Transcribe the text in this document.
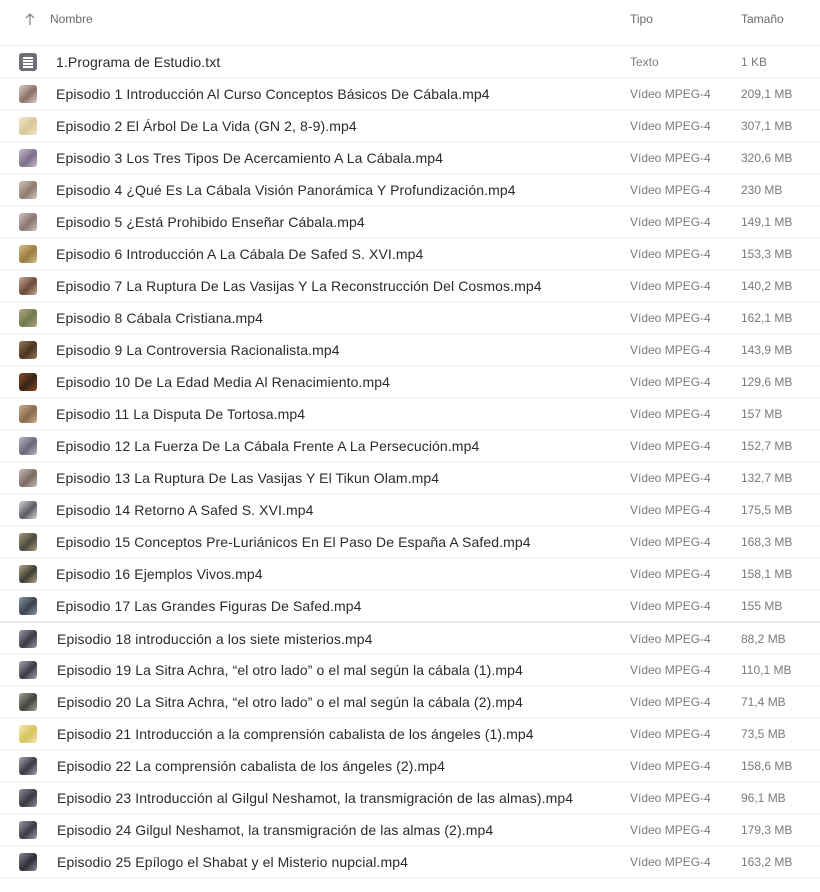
Nombre	Tipo	Tamaño
1.Programa de Estudio.txt	Texto	1 KB
Episodio 1 Introducción Al Curso Conceptos Básicos De Cábala.mp4	Vídeo MPEG-4	209,1 MB
Episodio 2 El Árbol De La Vida (GN 2, 8-9).mp4	Vídeo MPEG-4	307,1 MB
Episodio 3 Los Tres Tipos De Acercamiento A La Cábala.mp4	Vídeo MPEG-4	320,6 MB
Episodio 4 ¿Qué Es La Cábala Visión Panorámica Y Profundización.mp4	Vídeo MPEG-4	230 MB
Episodio 5 ¿Está Prohibido Enseñar Cábala.mp4	Vídeo MPEG-4	149,1 MB
Episodio 6 Introducción A La Cábala De Safed S. XVI.mp4	Vídeo MPEG-4	153,3 MB
Episodio 7 La Ruptura De Las Vasijas Y La Reconstrucción Del Cosmos.mp4	Vídeo MPEG-4	140,2 MB
Episodio 8 Cábala Cristiana.mp4	Vídeo MPEG-4	162,1 MB
Episodio 9 La Controversia Racionalista.mp4	Vídeo MPEG-4	143,9 MB
Episodio 10 De La Edad Media Al Renacimiento.mp4	Vídeo MPEG-4	129,6 MB
Episodio 11 La Disputa De Tortosa.mp4	Vídeo MPEG-4	157 MB
Episodio 12 La Fuerza De La Cábala Frente A La Persecución.mp4	Vídeo MPEG-4	152,7 MB
Episodio 13 La Ruptura De Las Vasijas Y El Tikun Olam.mp4	Vídeo MPEG-4	132,7 MB
Episodio 14 Retorno A Safed S. XVI.mp4	Vídeo MPEG-4	175,5 MB
Episodio 15 Conceptos Pre-Luriánicos En El Paso De España A Safed.mp4	Vídeo MPEG-4	168,3 MB
Episodio 16 Ejemplos Vivos.mp4	Vídeo MPEG-4	158,1 MB
Episodio 17 Las Grandes Figuras De Safed.mp4	Vídeo MPEG-4	155 MB
Episodio 18 introducción a los siete misterios.mp4	Vídeo MPEG-4	88,2 MB
Episodio 19 La Sitra Achra, “el otro lado” o el mal según la cábala (1).mp4	Vídeo MPEG-4	110,1 MB
Episodio 20 La Sitra Achra, “el otro lado” o el mal según la cábala (2).mp4	Vídeo MPEG-4	71,4 MB
Episodio 21 Introducción a la comprensión cabalista de los ángeles (1).mp4	Vídeo MPEG-4	73,5 MB
Episodio 22 La comprensión cabalista de los ángeles (2).mp4	Vídeo MPEG-4	158,6 MB
Episodio 23 Introducción al Gilgul Neshamot, la transmigración de las almas).mp4	Vídeo MPEG-4	96,1 MB
Episodio 24 Gilgul Neshamot, la transmigración de las almas (2).mp4	Vídeo MPEG-4	179,3 MB
Episodio 25 Epílogo el Shabat y el Misterio nupcial.mp4	Vídeo MPEG-4	163,2 MB
